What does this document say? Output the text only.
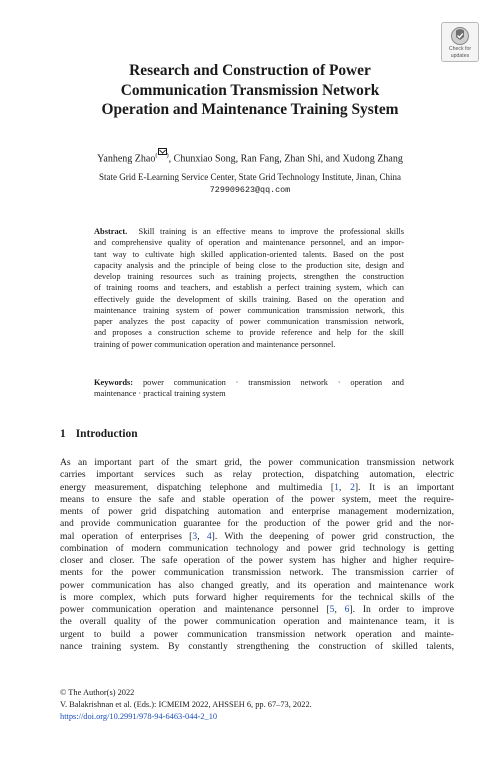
Check for
updates
Research and Construction of Power
Communication Transmission Network
Operation and Maintenance Training System
Yanheng Zhao( ), Chunxiao Song, Ran Fang, Zhan Shi, and Xudong Zhang
State Grid E-Learning Service Center, State Grid Technology Institute, Jinan, China
729909623@qq.com
Abstract. Skill training is an effective means to improve the professional skills
and comprehensive quality of operation and maintenance personnel, and an impor-
tant way to cultivate high skilled application-oriented talents. Based on the post
capacity analysis and the principle of being close to the production site, design and
develop training resources such as training projects, strengthen the construction
of training rooms and teachers, and establish a perfect training system, which can
effectively guide the development of skills training. Based on the operation and
maintenance training system of power communication transmission network, this
paper analyzes the post capacity of power communication transmission network,
and proposes a construction scheme to provide reference and help for the skill
training of power communication operation and maintenance personnel.
Keywords: power communication · transmission network · operation and
maintenance · practical training system
1 Introduction
As an important part of the smart grid, the power communication transmission network
carries important services such as relay protection, dispatching automation, electric
energy measurement, dispatching telephone and multimedia [1, 2]. It is an important
means to ensure the safe and stable operation of the power system, meet the require-
ments of power grid dispatching automation and enterprise management modernization,
and provide communication guarantee for the production of the power grid and the nor-
mal operation of enterprises [3, 4]. With the deepening of power grid construction, the
combination of modern communication technology and power grid technology is getting
closer and closer. The safe operation of the power system has higher and higher require-
ments for the power communication transmission network. The transmission carrier of
power communication has also changed greatly, and its operation and maintenance work
is more complex, which puts forward higher requirements for the technical skills of the
power communication operation and maintenance personnel [5, 6]. In order to improve
the overall quality of the power communication operation and maintenance team, it is
urgent to build a power communication transmission network operation and mainte-
nance training system. By constantly strengthening the construction of skilled talents,
© The Author(s) 2022
V. Balakrishnan et al. (Eds.): ICMEIM 2022, AHSSEH 6, pp. 67–73, 2022.
https://doi.org/10.2991/978-94-6463-044-2_10
